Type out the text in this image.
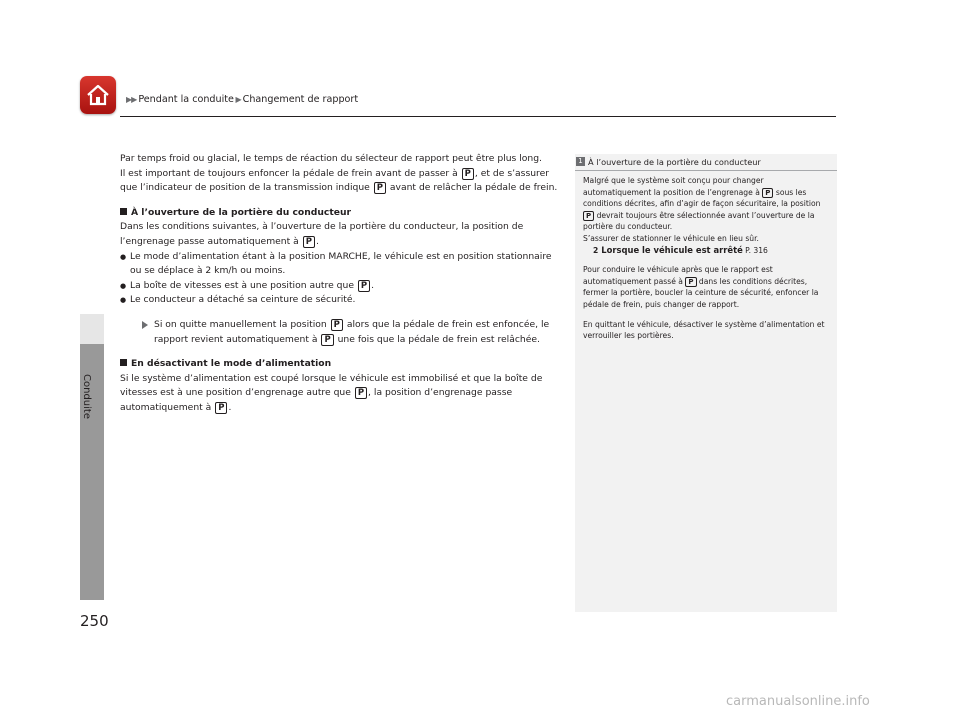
▶▶ Pendant la conduite ▶ Changement de rapport
Conduite
250

Par temps froid ou glacial, le temps de réaction du sélecteur de rapport peut être plus long.

Il est important de toujours enfoncer la pédale de frein avant de passer à P , et de s’assurer

que l’indicateur de position de la transmission indique P avant de relâcher la pédale de frein.

À l’ouverture de la portière du conducteur

Dans les conditions suivantes, à l’ouverture de la portière du conducteur, la position de

l’engrenage passe automatiquement à P .

● Le mode d’alimentation étant à la position MARCHE, le véhicule est en position stationnaire ou se déplace à 2 km/h ou moins.
● La boîte de vitesses est à une position autre que P .
● Le conducteur a détaché sa ceinture de sécurité.

Si on quitte manuellement la position P alors que la pédale de frein est enfoncée, le rapport revient automatiquement à P une fois que la pédale de frein est relâchée.

En désactivant le mode d’alimentation

Si le système d’alimentation est coupé lorsque le véhicule est immobilisé et que la boîte de

vitesses est à une position d’engrenage autre que P , la position d’engrenage passe

automatiquement à P .

1 À l’ouverture de la portière du conducteur

Malgré que le système soit conçu pour changer automatiquement la position de l’engrenage à P sous les conditions décrites, afin d’agir de façon sécuritaire, la position P devrait toujours être sélectionnée avant l’ouverture de la portière du conducteur.
S’assurer de stationner le véhicule en lieu sûr.

2 Lorsque le véhicule est arrêté P. 316

Pour conduire le véhicule après que le rapport est automatiquement passé à P dans les conditions décrites, fermer la portière, boucler la ceinture de sécurité, enfoncer la pédale de frein, puis changer de rapport.

En quittant le véhicule, désactiver le système d’alimentation et verrouiller les portières.

carmanualsonline.info
